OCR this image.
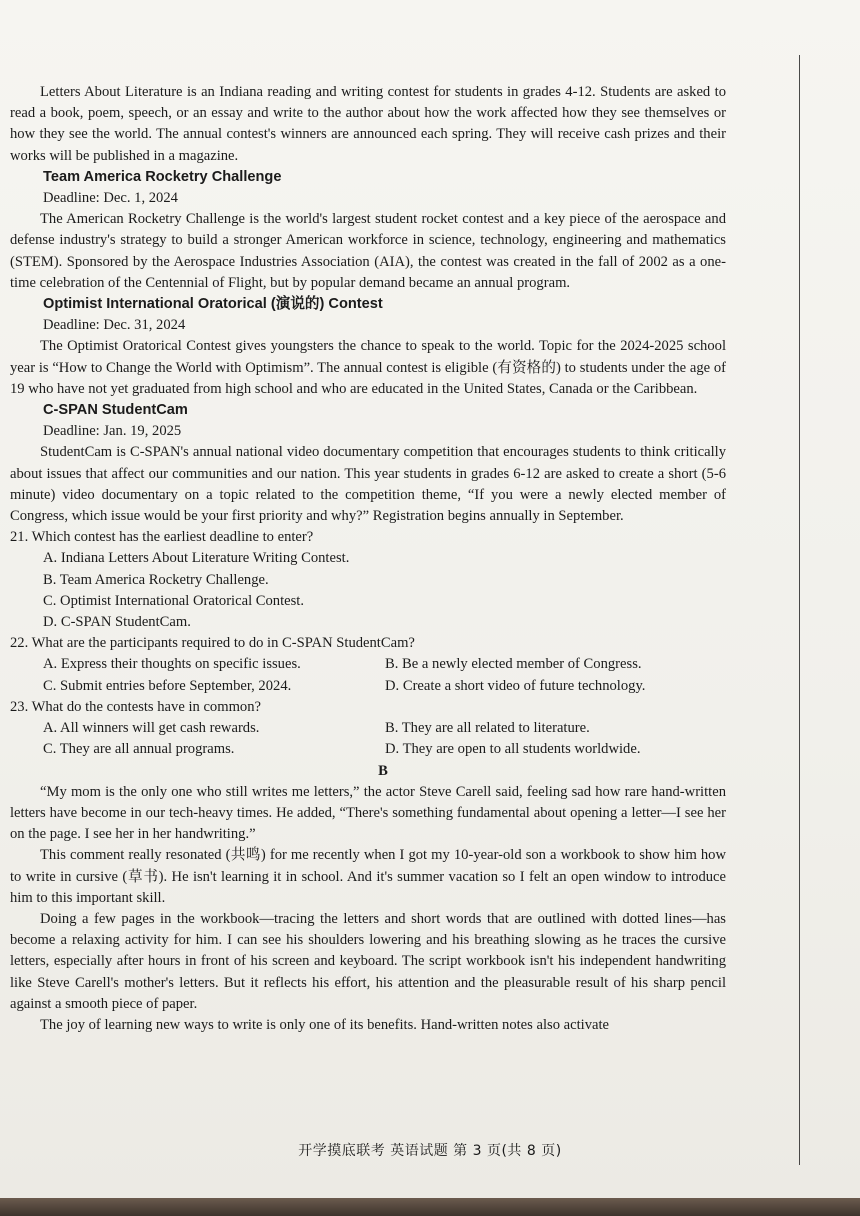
Letters About Literature is an Indiana reading and writing contest for students in grades 4-12. Students are asked to read a book, poem, speech, or an essay and write to the author about how the work affected how they see themselves or how they see the world. The annual contest's winners are announced each spring. They will receive cash prizes and their works will be published in a magazine.

Team America Rocketry Challenge
Deadline: Dec. 1, 2024

The American Rocketry Challenge is the world's largest student rocket contest and a key piece of the aerospace and defense industry's strategy to build a stronger American workforce in science, technology, engineering and mathematics (STEM). Sponsored by the Aerospace Industries Association (AIA), the contest was created in the fall of 2002 as a one-time celebration of the Centennial of Flight, but by popular demand became an annual program.

Optimist International Oratorical (演说的) Contest
Deadline: Dec. 31, 2024

The Optimist Oratorical Contest gives youngsters the chance to speak to the world. Topic for the 2024-2025 school year is “How to Change the World with Optimism”. The annual contest is eligible (有资格的) to students under the age of 19 who have not yet graduated from high school and who are educated in the United States, Canada or the Caribbean.

C-SPAN StudentCam
Deadline: Jan. 19, 2025

StudentCam is C-SPAN's annual national video documentary competition that encourages students to think critically about issues that affect our communities and our nation. This year students in grades 6-12 are asked to create a short (5-6 minute) video documentary on a topic related to the competition theme, “If you were a newly elected member of Congress, which issue would be your first priority and why?” Registration begins annually in September.

21. Which contest has the earliest deadline to enter?
A. Indiana Letters About Literature Writing Contest.
B. Team America Rocketry Challenge.
C. Optimist International Oratorical Contest.
D. C-SPAN StudentCam.
22. What are the participants required to do in C-SPAN StudentCam?
A. Express their thoughts on specific issues.	B. Be a newly elected member of Congress.
C. Submit entries before September, 2024.	D. Create a short video of future technology.
23. What do the contests have in common?
A. All winners will get cash rewards.	B. They are all related to literature.
C. They are all annual programs.	D. They are open to all students worldwide.
B

“My mom is the only one who still writes me letters,” the actor Steve Carell said, feeling sad how rare hand-written letters have become in our tech-heavy times. He added, “There's something fundamental about opening a letter—I see her on the page. I see her in her handwriting.”

This comment really resonated (共鸣) for me recently when I got my 10-year-old son a workbook to show him how to write in cursive (草书). He isn't learning it in school. And it's summer vacation so I felt an open window to introduce him to this important skill.

Doing a few pages in the workbook—tracing the letters and short words that are outlined with dotted lines—has become a relaxing activity for him. I can see his shoulders lowering and his breathing slowing as he traces the cursive letters, especially after hours in front of his screen and keyboard. The script workbook isn't his independent handwriting like Steve Carell's mother's letters. But it reflects his effort, his attention and the pleasurable result of his sharp pencil against a smooth piece of paper.

The joy of learning new ways to write is only one of its benefits. Hand-written notes also activate

开学摸底联考 英语试题 第 3 页(共 8 页)
